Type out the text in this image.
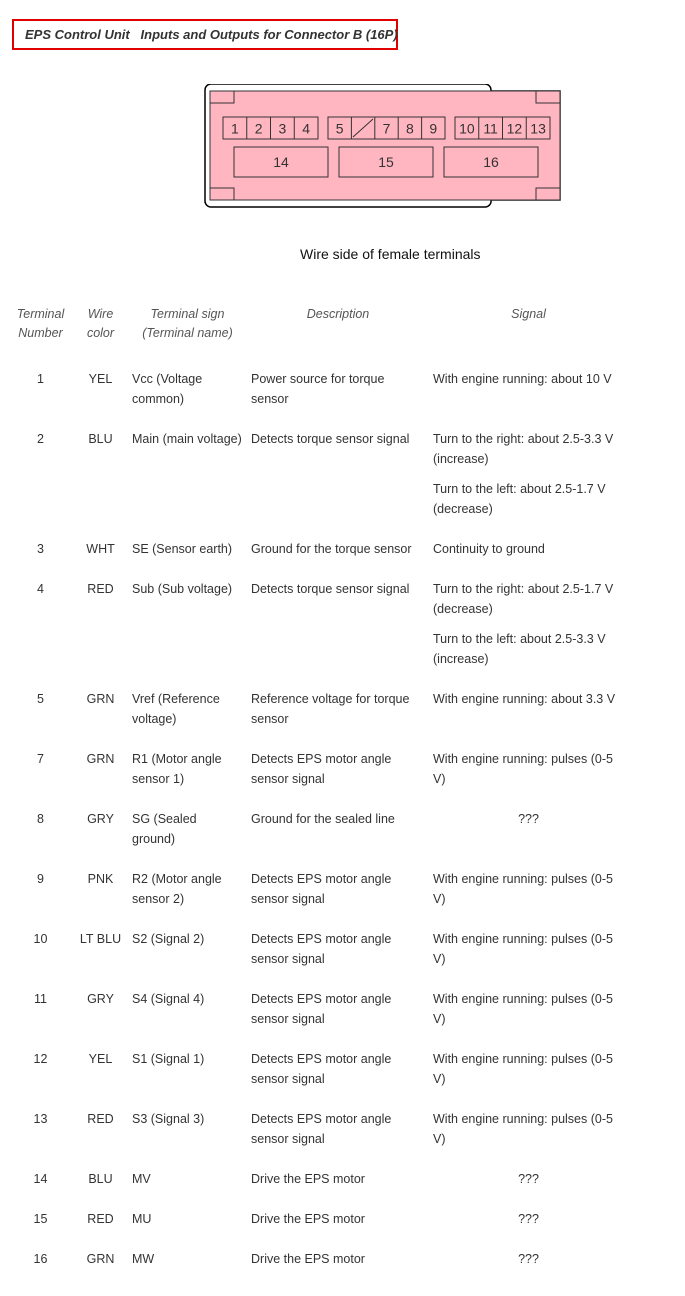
EPS Control Unit   Inputs and Outputs for Connector B (16P)
1 2 3 4 5	7 8 9 10 11 12 13
14	15	16
Wire side of female terminals
Terminal Number	Wire color	Terminal sign (Terminal name)	Description	Signal
1	YEL	Vcc (Voltage common)	Power source for torque sensor	With engine running: about 10 V

2	BLU	Main (main voltage)	Detects torque sensor signal	Turn to the right: about 2.5-3.3 V (increase)
Turn to the left: about 2.5-1.7 V (decrease)

3	WHT	SE (Sensor earth)	Ground for the torque sensor	Continuity to ground

4	RED	Sub (Sub voltage)	Detects torque sensor signal	Turn to the right: about 2.5-1.7 V (decrease)
Turn to the left: about 2.5-3.3 V (increase)

5	GRN	Vref (Reference voltage)	Reference voltage for torque sensor	With engine running: about 3.3 V

7	GRN	R1 (Motor angle sensor 1)	Detects EPS motor angle sensor signal	With engine running: pulses (0-5 V)

8	GRY	SG (Sealed ground)	Ground for the sealed line	???

9	PNK	R2 (Motor angle sensor 2)	Detects EPS motor angle sensor signal	With engine running: pulses (0-5 V)

10	LT BLU	S2 (Signal 2)	Detects EPS motor angle sensor signal	With engine running: pulses (0-5 V)

11	GRY	S4 (Signal 4)	Detects EPS motor angle sensor signal	With engine running: pulses (0-5 V)

12	YEL	S1 (Signal 1)	Detects EPS motor angle sensor signal	With engine running: pulses (0-5 V)

13	RED	S3 (Signal 3)	Detects EPS motor angle sensor signal	With engine running: pulses (0-5 V)

14	BLU	MV	Drive the EPS motor	???

15	RED	MU	Drive the EPS motor	???

16	GRN	MW	Drive the EPS motor	???
